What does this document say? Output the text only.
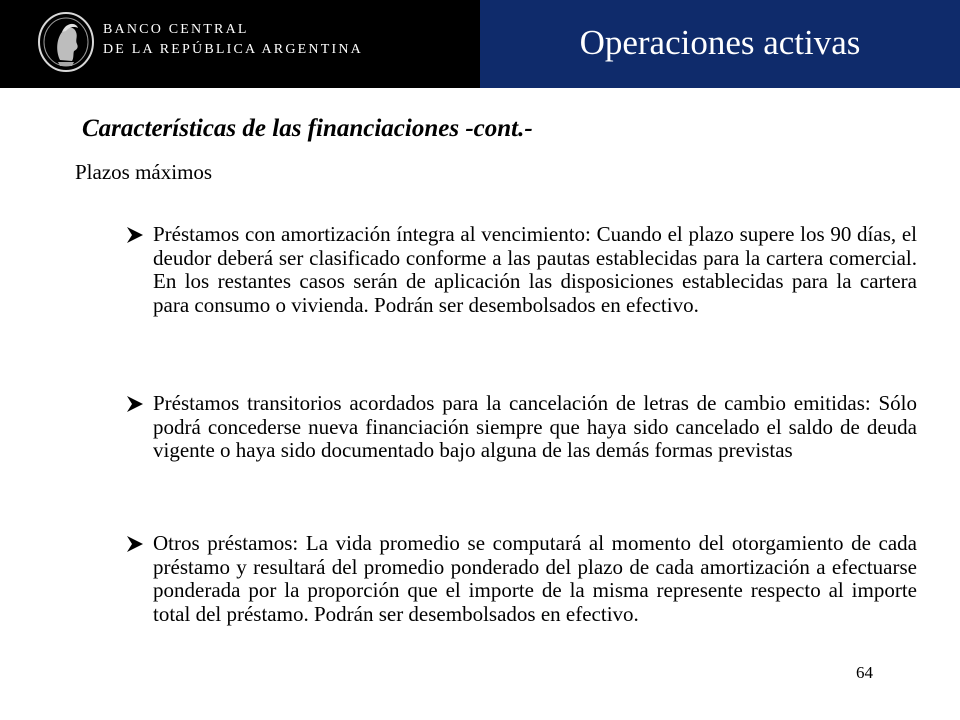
BANCO CENTRAL
DE LA REPÚBLICA ARGENTINA	Operaciones activas
Características de las financiaciones -cont.-
Plazos máximos
Préstamos con amortización íntegra al vencimiento: Cuando el plazo supere los 90 días, el deudor deberá ser clasificado conforme a las pautas establecidas para la cartera comercial. En los restantes casos serán de aplicación las disposiciones establecidas para la cartera para consumo o vivienda. Podrán ser desembolsados en efectivo.
Préstamos transitorios acordados para la cancelación de letras de cambio emitidas: Sólo podrá concederse nueva financiación siempre que haya sido cancelado el saldo de deuda vigente o haya sido documentado bajo alguna de las demás formas previstas
Otros préstamos: La vida promedio se computará al momento del otorgamiento de cada préstamo y resultará del promedio ponderado del plazo de cada amortización a efectuarse ponderada por la proporción que el importe de la misma represente respecto al importe total del préstamo. Podrán ser desembolsados en efectivo.
64
